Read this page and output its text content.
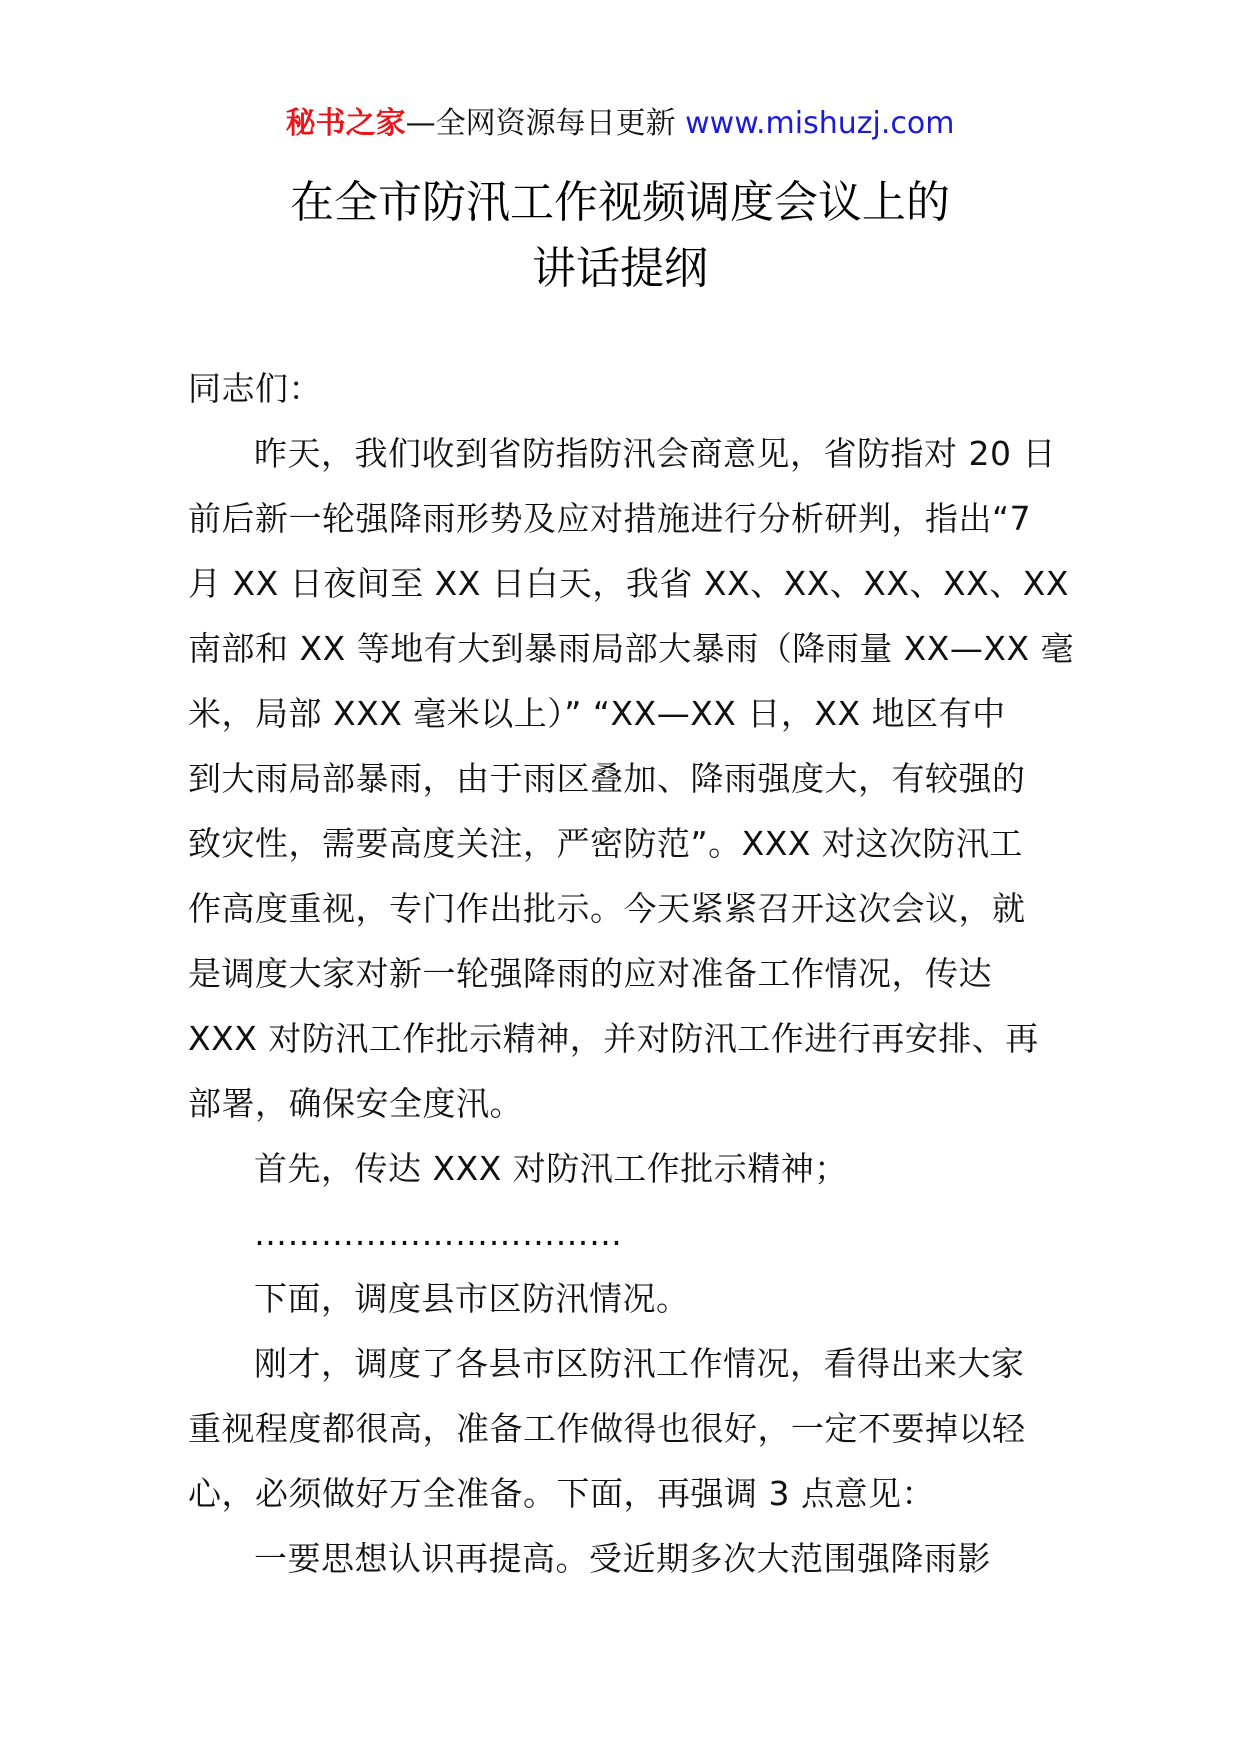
秘书之家—全网资源每日更新 www.mishuzj.com
在全市防汛工作视频调度会议上的
讲话提纲
同志们：
昨天，我们收到省防指防汛会商意见，省防指对 20 日
前后新一轮强降雨形势及应对措施进行分析研判，指出“7
月 XX 日夜间至 XX 日白天，我省 XX、XX、XX、XX、XX
南部和 XX 等地有大到暴雨局部大暴雨（降雨量 XX—XX 毫
米，局部 XXX 毫米以上）” “XX—XX 日，XX 地区有中
到大雨局部暴雨，由于雨区叠加、降雨强度大，有较强的
致灾性，需要高度关注，严密防范”。XXX 对这次防汛工
作高度重视，专门作出批示。今天紧紧召开这次会议，就
是调度大家对新一轮强降雨的应对准备工作情况，传达
XXX 对防汛工作批示精神，并对防汛工作进行再安排、再
部署，确保安全度汛。
首先，传达 XXX 对防汛工作批示精神；
……………………………
下面，调度县市区防汛情况。
刚才，调度了各县市区防汛工作情况，看得出来大家
重视程度都很高，准备工作做得也很好，一定不要掉以轻
心，必须做好万全准备。下面，再强调 3 点意见：
一要思想认识再提高。受近期多次大范围强降雨影
